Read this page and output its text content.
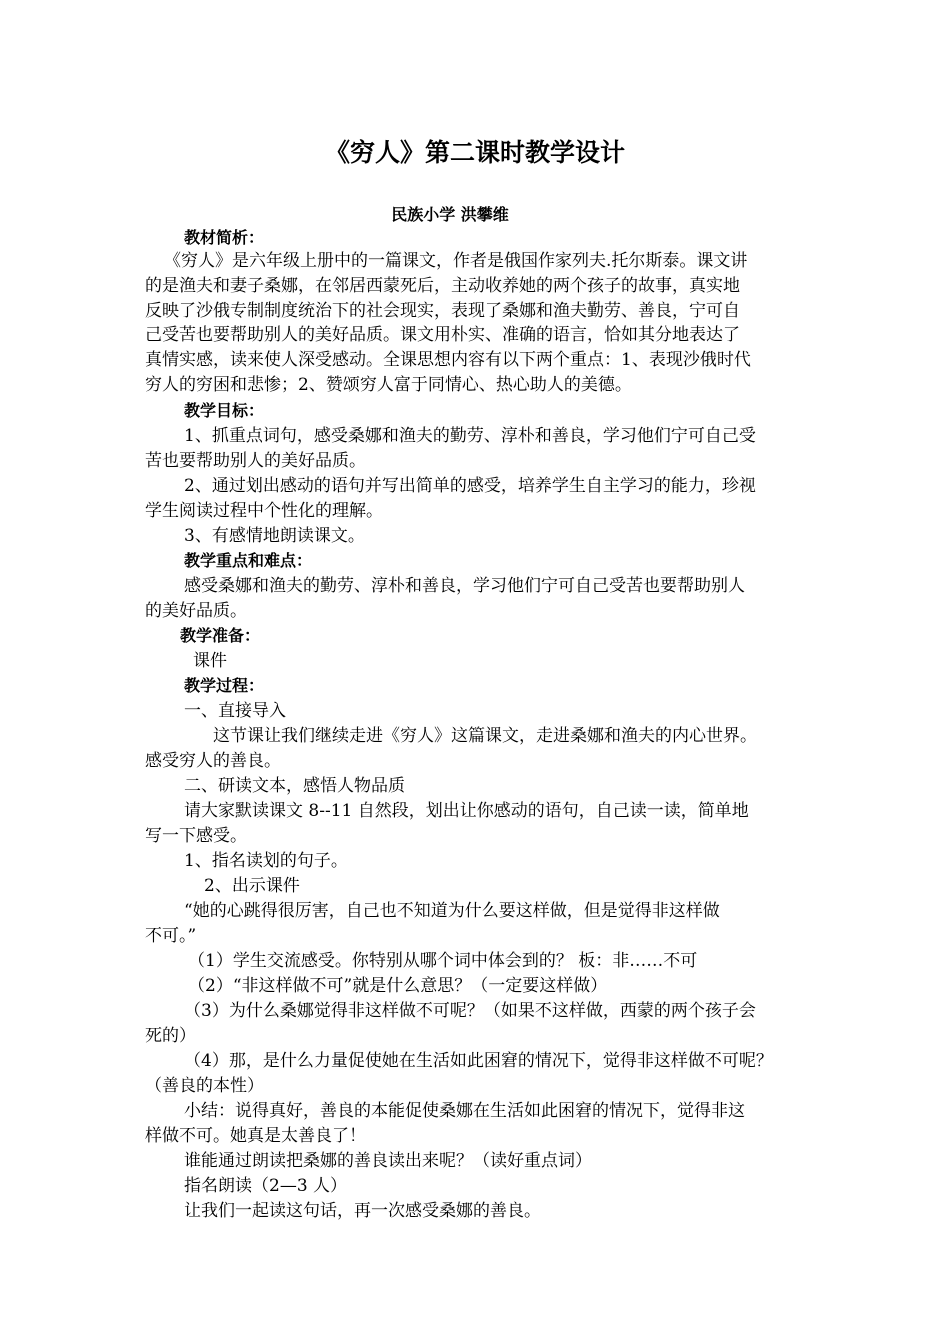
《穷人》第二课时教学设计
民族小学 洪攀维
教材简析：
《穷人》是六年级上册中的一篇课文，作者是俄国作家列夫.托尔斯泰。课文讲
的是渔夫和妻子桑娜，在邻居西蒙死后，主动收养她的两个孩子的故事，真实地
反映了沙俄专制制度统治下的社会现实，表现了桑娜和渔夫勤劳、善良，宁可自
己受苦也要帮助别人的美好品质。课文用朴实、准确的语言，恰如其分地表达了
真情实感，读来使人深受感动。全课思想内容有以下两个重点：1、表现沙俄时代
穷人的穷困和悲惨；2、赞颂穷人富于同情心、热心助人的美德。
教学目标：
1、抓重点词句，感受桑娜和渔夫的勤劳、淳朴和善良，学习他们宁可自己受
苦也要帮助别人的美好品质。
2、通过划出感动的语句并写出简单的感受，培养学生自主学习的能力，珍视
学生阅读过程中个性化的理解。
3、有感情地朗读课文。
教学重点和难点：
感受桑娜和渔夫的勤劳、淳朴和善良，学习他们宁可自己受苦也要帮助别人
的美好品质。
教学准备：
课件
教学过程：
一、直接导入
这节课让我们继续走进《穷人》这篇课文，走进桑娜和渔夫的内心世界。
感受穷人的善良。
二、研读文本，感悟人物品质
请大家默读课文 8--11 自然段，划出让你感动的语句，自己读一读，简单地
写一下感受。
1、指名读划的句子。
2、出示课件
“她的心跳得很厉害，自己也不知道为什么要这样做，但是觉得非这样做
不可。”
（1）学生交流感受。你特别从哪个词中体会到的？ 板：非……不可
（2）“非这样做不可”就是什么意思？（一定要这样做）
（3）为什么桑娜觉得非这样做不可呢？（如果不这样做，西蒙的两个孩子会
死的）
（4）那，是什么力量促使她在生活如此困窘的情况下，觉得非这样做不可呢？
（善良的本性）
小结：说得真好，善良的本能促使桑娜在生活如此困窘的情况下，觉得非这
样做不可。她真是太善良了！
谁能通过朗读把桑娜的善良读出来呢？（读好重点词）
指名朗读（2—3 人）
让我们一起读这句话，再一次感受桑娜的善良。
